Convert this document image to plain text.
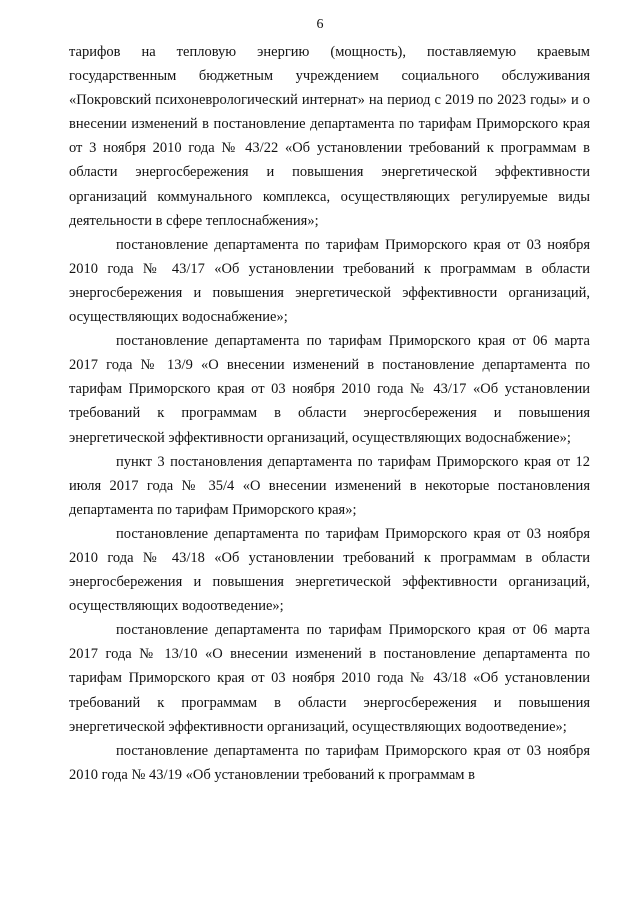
6

тарифов на тепловую энергию (мощность), поставляемую краевым государственным бюджетным учреждением социального обслуживания «Покровский психоневрологический интернат» на период с 2019 по 2023 годы» и о внесении изменений в постановление департамента по тарифам Приморского края от 3 ноября 2010 года № 43/22 «Об установлении требований к программам в области энергосбережения и повышения энергетической эффективности организаций коммунального комплекса, осуществляющих регулируемые виды деятельности в сфере теплоснабжения»;

постановление департамента по тарифам Приморского края от 03 ноября 2010 года № 43/17 «Об установлении требований к программам в области энергосбережения и повышения энергетической эффективности организаций, осуществляющих водоснабжение»;

постановление департамента по тарифам Приморского края от 06 марта 2017 года № 13/9 «О внесении изменений в постановление департамента по тарифам Приморского края от 03 ноября 2010 года № 43/17 «Об установлении требований к программам в области энергосбережения и повышения энергетической эффективности организаций, осуществляющих водоснабжение»;

пункт 3 постановления департамента по тарифам Приморского края от 12 июля 2017 года № 35/4 «О внесении изменений в некоторые постановления департамента по тарифам Приморского края»;

постановление департамента по тарифам Приморского края от 03 ноября 2010 года № 43/18 «Об установлении требований к программам в области энергосбережения и повышения энергетической эффективности организаций, осуществляющих водоотведение»;

постановление департамента по тарифам Приморского края от 06 марта 2017 года № 13/10 «О внесении изменений в постановление департамента по тарифам Приморского края от 03 ноября 2010 года № 43/18 «Об установлении требований к программам в области энергосбережения и повышения энергетической эффективности организаций, осуществляющих водоотведение»;

постановление департамента по тарифам Приморского края от 03 ноября 2010 года № 43/19 «Об установлении требований к программам в
